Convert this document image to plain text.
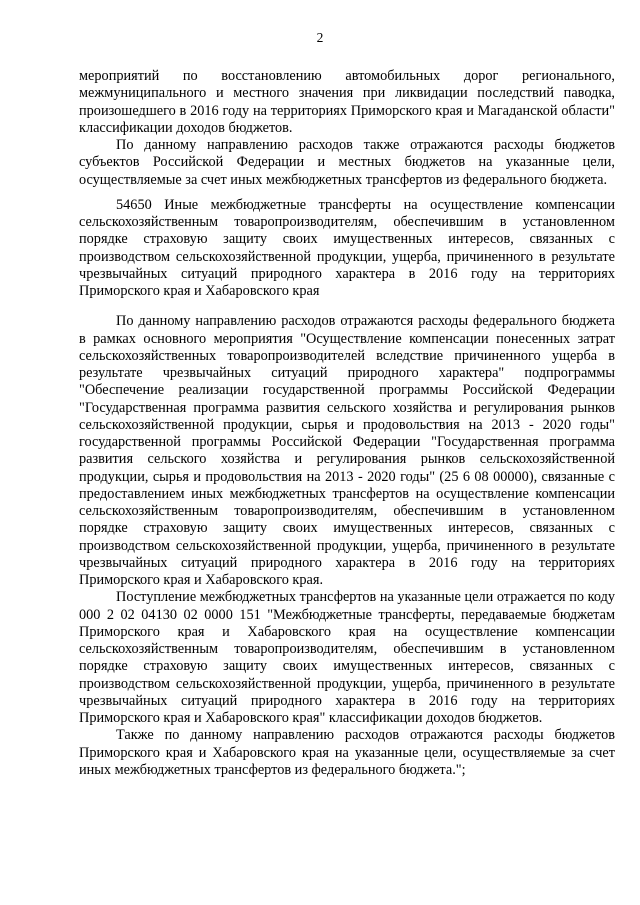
2

мероприятий по восстановлению автомобильных дорог регионального, межмуниципального и местного значения при ликвидации последствий паводка, произошедшего в 2016 году на территориях Приморского края и Магаданской области" классификации доходов бюджетов.

По данному направлению расходов также отражаются расходы бюджетов субъектов Российской Федерации и местных бюджетов на указанные цели, осуществляемые за счет иных межбюджетных трансфертов из федерального бюджета.

54650 Иные межбюджетные трансферты на осуществление компенсации сельскохозяйственным товаропроизводителям, обеспечившим в установленном порядке страховую защиту своих имущественных интересов, связанных с производством сельскохозяйственной продукции, ущерба, причиненного в результате чрезвычайных ситуаций природного характера в 2016 году на территориях Приморского края и Хабаровского края

По данному направлению расходов отражаются расходы федерального бюджета в рамках основного мероприятия "Осуществление компенсации понесенных затрат сельскохозяйственных товаропроизводителей вследствие причиненного ущерба в результате чрезвычайных ситуаций природного характера" подпрограммы "Обеспечение реализации государственной программы Российской Федерации "Государственная программа развития сельского хозяйства и регулирования рынков сельскохозяйственной продукции, сырья и продовольствия на 2013 - 2020 годы" государственной программы Российской Федерации "Государственная программа развития сельского хозяйства и регулирования рынков сельскохозяйственной продукции, сырья и продовольствия на 2013 - 2020 годы" (25 6 08 00000), связанные с предоставлением иных межбюджетных трансфертов на осуществление компенсации сельскохозяйственным товаропроизводителям, обеспечившим в установленном порядке страховую защиту своих имущественных интересов, связанных с производством сельскохозяйственной продукции, ущерба, причиненного в результате чрезвычайных ситуаций природного характера в 2016 году на территориях Приморского края и Хабаровского края.

Поступление межбюджетных трансфертов на указанные цели отражается по коду 000 2 02 04130 02 0000 151 "Межбюджетные трансферты, передаваемые бюджетам Приморского края и Хабаровского края на осуществление компенсации сельскохозяйственным товаропроизводителям, обеспечившим в установленном порядке страховую защиту своих имущественных интересов, связанных с производством сельскохозяйственной продукции, ущерба, причиненного в результате чрезвычайных ситуаций природного характера в 2016 году на территориях Приморского края и Хабаровского края" классификации доходов бюджетов.

Также по данному направлению расходов отражаются расходы бюджетов Приморского края и Хабаровского края на указанные цели, осуществляемые за счет иных межбюджетных трансфертов из федерального бюджета.";
